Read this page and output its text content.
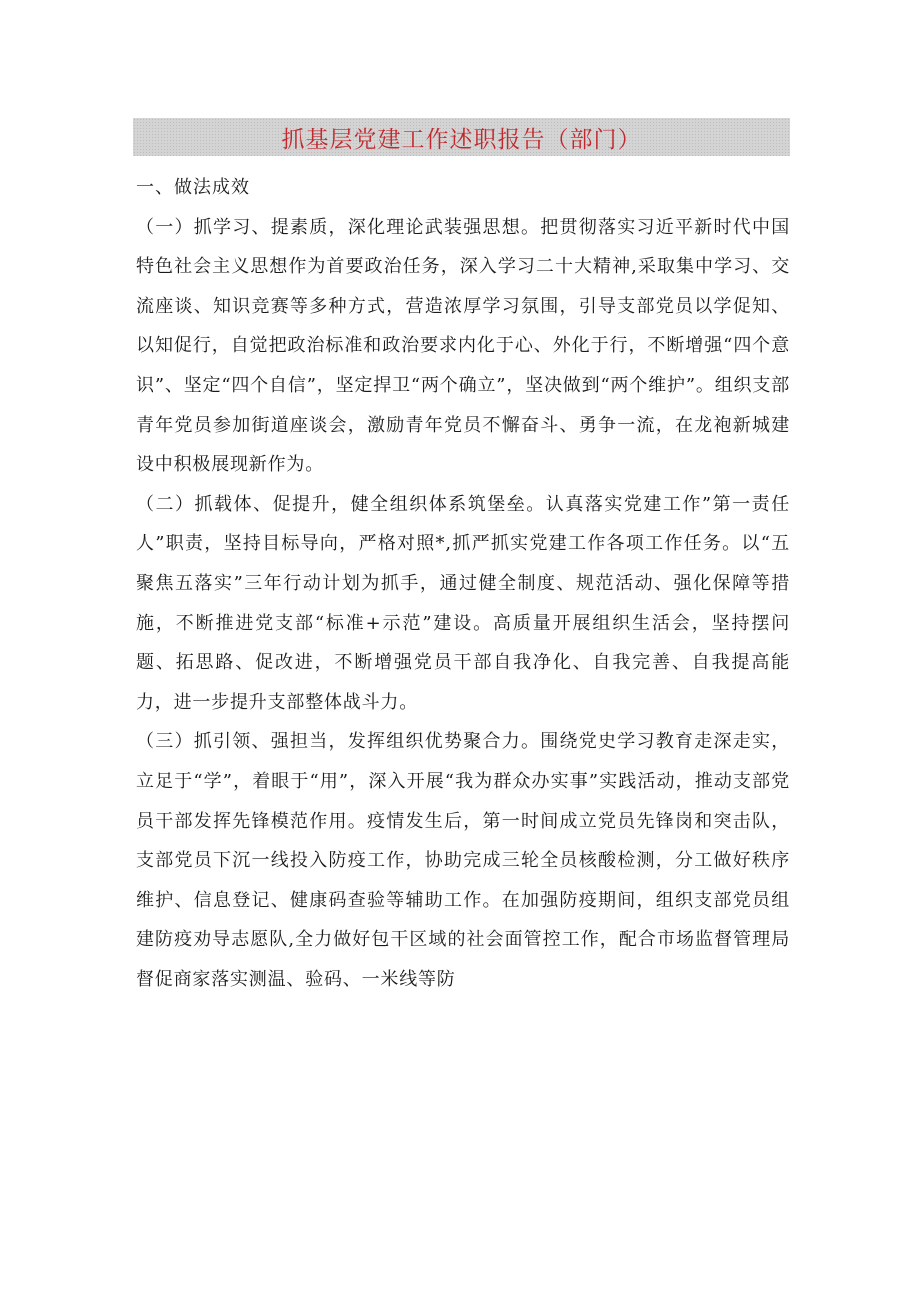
抓基层党建工作述职报告（部门）

一、做法成效

（一）抓学习、提素质，深化理论武装强思想。把贯彻落实习近平新时代中国特色社会主义思想作为首要政治任务，深入学习二十大精神,采取集中学习、交流座谈、知识竞赛等多种方式，营造浓厚学习氛围，引导支部党员以学促知、以知促行，自觉把政治标准和政治要求内化于心、外化于行，不断增强“四个意识”、坚定“四个自信”，坚定捍卫“两个确立”，坚决做到“两个维护”。组织支部青年党员参加街道座谈会，激励青年党员不懈奋斗、勇争一流，在龙袍新城建设中积极展现新作为。

（二）抓载体、促提升，健全组织体系筑堡垒。认真落实党建工作”第一责任人”职责，坚持目标导向，严格对照*,抓严抓实党建工作各项工作任务。以“五聚焦五落实”三年行动计划为抓手，通过健全制度、规范活动、强化保障等措施，不断推进党支部“标准+示范”建设。高质量开展组织生活会，坚持摆问题、拓思路、促改进，不断增强党员干部自我净化、自我完善、自我提高能力，进一步提升支部整体战斗力。

（三）抓引领、强担当，发挥组织优势聚合力。围绕党史学习教育走深走实，立足于“学”，着眼于“用”，深入开展“我为群众办实事”实践活动，推动支部党员干部发挥先锋模范作用。疫情发生后，第一时间成立党员先锋岗和突击队，支部党员下沉一线投入防疫工作，协助完成三轮全员核酸检测，分工做好秩序维护、信息登记、健康码查验等辅助工作。在加强防疫期间，组织支部党员组建防疫劝导志愿队,全力做好包干区域的社会面管控工作，配合市场监督管理局督促商家落实测温、验码、一米线等防
